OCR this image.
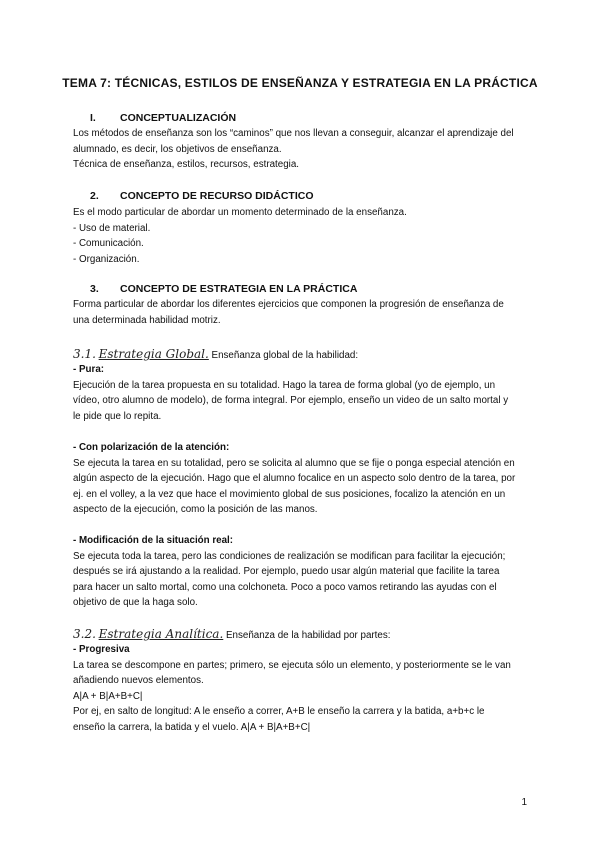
TEMA 7: TÉCNICAS, ESTILOS DE ENSEÑANZA Y ESTRATEGIA EN LA PRÁCTICA
I. CONCEPTUALIZACIÓN
Los métodos de enseñanza son los “caminos” que nos llevan a conseguir, alcanzar el aprendizaje del
alumnado, es decir, los objetivos de enseñanza.
Técnica de enseñanza, estilos, recursos, estrategia.
2. CONCEPTO DE RECURSO DIDÁCTICO
Es el modo particular de abordar un momento determinado de la enseñanza.
- Uso de material.
- Comunicación.
- Organización.
3. CONCEPTO DE ESTRATEGIA EN LA PRÁCTICA
Forma particular de abordar los diferentes ejercicios que componen la progresión de enseñanza de
una determinada habilidad motriz.
3.1. Estrategia Global. Enseñanza global de la habilidad:
- Pura:
Ejecución de la tarea propuesta en su totalidad. Hago la tarea de forma global (yo de ejemplo, un
vídeo, otro alumno de modelo), de forma integral. Por ejemplo, enseño un video de un salto mortal y
le pide que lo repita.
- Con polarización de la atención:
Se ejecuta la tarea en su totalidad, pero se solicita al alumno que se fije o ponga especial atención en
algún aspecto de la ejecución. Hago que el alumno focalice en un aspecto solo dentro de la tarea, por
ej. en el volley, a la vez que hace el movimiento global de sus posiciones, focalizo la atención en un
aspecto de la ejecución, como la posición de las manos.
- Modificación de la situación real:
Se ejecuta toda la tarea, pero las condiciones de realización se modifican para facilitar la ejecución;
después se irá ajustando a la realidad. Por ejemplo, puedo usar algún material que facilite la tarea
para hacer un salto mortal, como una colchoneta. Poco a poco vamos retirando las ayudas con el
objetivo de que la haga solo.
3.2. Estrategia Analítica. Enseñanza de la habilidad por partes:
- Progresiva
La tarea se descompone en partes; primero, se ejecuta sólo un elemento, y posteriormente se le van
añadiendo nuevos elementos.
A|A + B|A+B+C|
Por ej, en salto de longitud: A le enseño a correr, A+B le enseño la carrera y la batida, a+b+c le
enseño la carrera, la batida y el vuelo. A|A + B|A+B+C|
1
